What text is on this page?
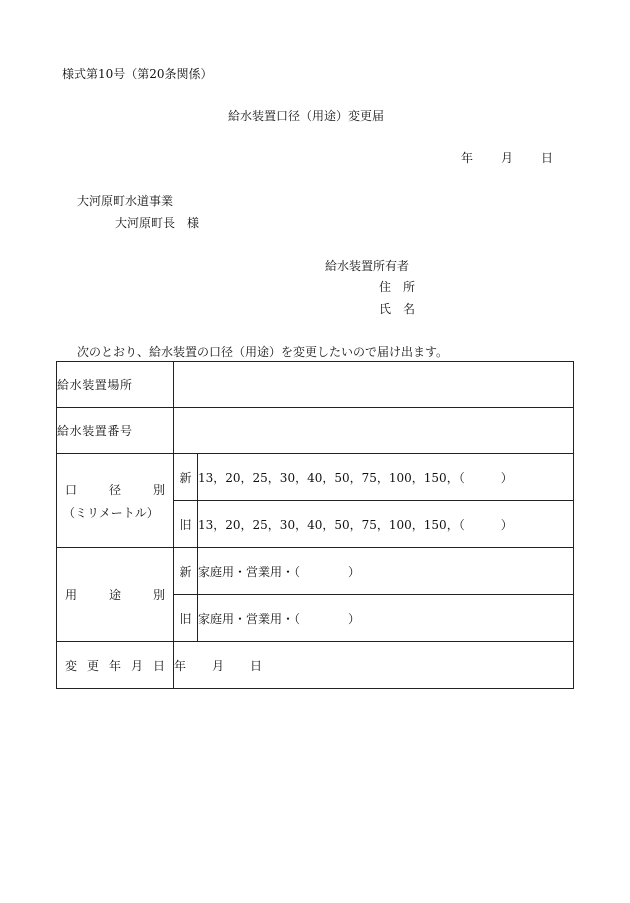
様式第10号（第20条関係）
給水装置口径（用途）変更届
年 月 日
大河原町水道事業
大河原町長　様
給水装置所有者
住　所
氏　名
次のとおり、給水装置の口径（用途）を変更したいので届け出ます。
給水装置場所		
給水装置番号		

口 径 別
（ミリメートル）	新	13，20，25，30，40，50，75，100，150，（　　　）
	旧	13，20，25，30，40，50，75，100，150，（　　　）

用 途 別	新	家庭用・営業用・（　　　　）
	旧	家庭用・営業用・（　　　　）

変 更 年 月 日	年 月 日	
